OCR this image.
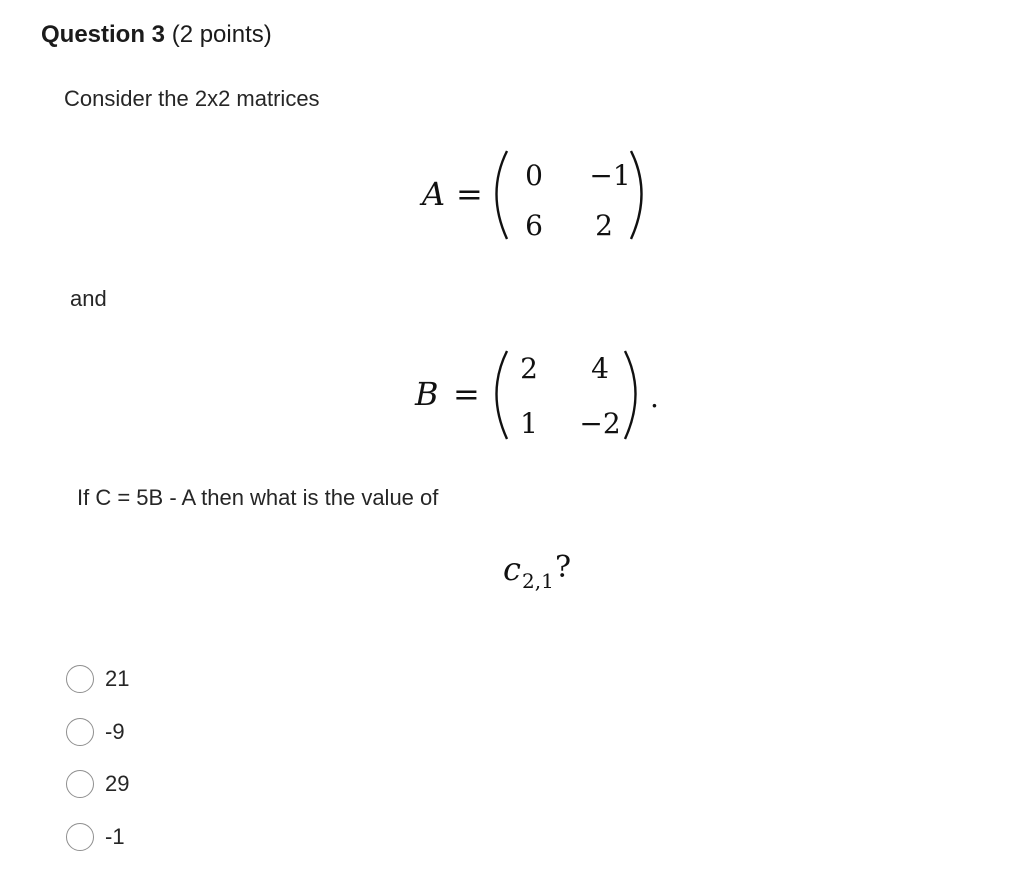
Question 3 (2 points)
Consider the 2x2 matrices
A = 0 −1
6 2
and
B =
2 4
1 −2
.
If C = 5B - A then what is the value of
c 2,1 ?
21
-9
29
-1
